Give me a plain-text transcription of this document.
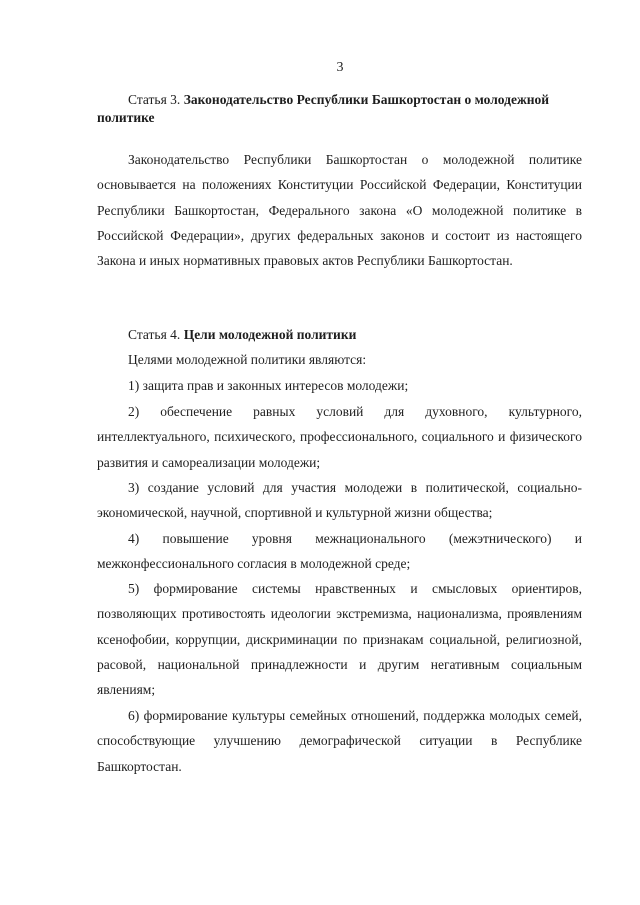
3
Статья 3. Законодательство Республики Башкортостан о молодежной политике

Законодательство Республики Башкортостан о молодежной политике основывается на положениях Конституции Российской Федерации, Конституции Республики Башкортостан, Федерального закона «О молодежной политике в Российской Федерации», других федеральных законов и состоит из настоящего Закона и иных нормативных правовых актов Республики Башкортостан.

Статья 4. Цели молодежной политики

Целями молодежной политики являются:

1) защита прав и законных интересов молодежи;

2) обеспечение равных условий для духовного, культурного, интеллектуального, психического, профессионального, социального и физического развития и самореализации молодежи;

3) создание условий для участия молодежи в политической, социально-экономической, научной, спортивной и культурной жизни общества;

4) повышение уровня межнационального (межэтнического) и межконфессионального согласия в молодежной среде;

5) формирование системы нравственных и смысловых ориентиров, позволяющих противостоять идеологии экстремизма, национализма, проявлениям ксенофобии, коррупции, дискриминации по признакам социальной, религиозной, расовой, национальной принадлежности и другим негативным социальным явлениям;

6) формирование культуры семейных отношений, поддержка молодых семей, способствующие улучшению демографической ситуации в Республике Башкортостан.
